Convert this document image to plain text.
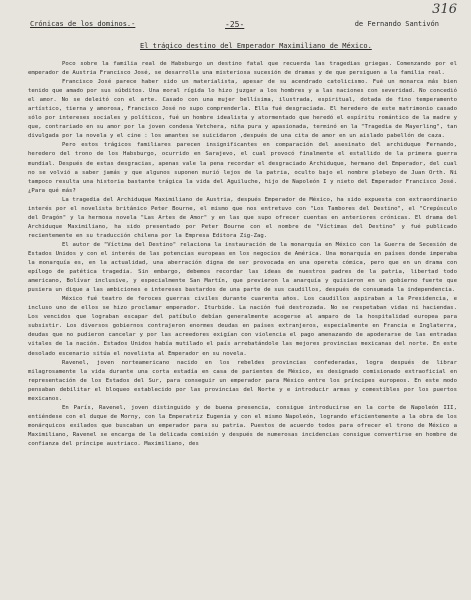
316
Crónicas de los dominos.-	-25-	de Fernando Santivón
El trágico destino del Emperador Maximiliano de México.

Poco sobre la familia real de Habsburgo un destino fatal que recuerda las tragedias griegas. Comenzando por el emperador de Austria Francisco José, se desarrolla una misteriosa sucesión de dramas y de que persiguen a la familia real.

Francisco José parece haber sido un materialista, apesar de su acendrado catolicismo. Fué un monarca más bien tenido que amado por sus súbditos. Una moral rígida lo hizo juzgar a los hombres y a las naciones con severidad. No concedió el amor. No se deleitó con el arte. Casado con una mujer bellísima, ilustrada, espiritual, dotada de fino temperamento artístico, tierna y amorosa, Francisco José no supo comprenderla. Ella fué desgraciada. El heredero de este matrimonio casado sólo por intereses sociales y políticos, fué un hombre idealista y atormentado que heredó el espíritu romántico de la madre y que, contrariado en su amor por la joven condesa Vetchera, niña pura y apasionada, terminó en la "Tragedia de Mayerling", tan divulgada por la novela y el cine : los amantes se suicidaron ,después de una cita de amor en un aislado pabellón de caza.

Pero estos trágicos familiares parecen insignificantes en comparación del asesinato del archiduque Fernando, heredero del trono de los Habsburgo, ocurrido en Sarajevo, el cual provocó finalmente el estallido de la primera guerra mundial. Después de estas desgracias, apenas vale la pena recordar el desgraciado Archiduque, hermano del Emperador, del cual no se volvió a saber jamás y que algunos suponen murió lejos de la patria, oculto bajo el nombre plebeyo de Juan Orth. Ni tampoco resulta una historia bastante trágica la vida del Aguiluche, hijo de Napoleón I y nieto del Emperador Francisco José. ¿Para qué más?

La tragedia del Archiduque Maximiliano de Austria, después Emperador de México, ha sido expuesta con extraordinario interés por el novelista británico Peter Bourne, el mismo que nos entretuvo con "Los Tambores del Destino", el "Crepúsculo del Dragón" y la hermosa novela "Las Artes de Amor" y en las que supo ofrecer cuentas en anteriores crónicas. El drama del Archiduque Maximiliano, ha sido presentado por Peter Bourne con el nombre de "Víctimas del Destino" y fué publicado recientemente en su traducción chilena por la Empresa Editora Zig-Zag.

El autor de "Víctima del Destino" relaciona la instauración de la monarquía en México con la Guerra de Secesión de Estados Unidos y con el interés de las potencias europeas en los negocios de América. Una monarquía en países donde imperaba la monarquía es, en la actualidad, una aberración digna de ser provocada en una opereta cómica, pero que en un drama con epílogo de patética tragedia. Sin embargo, debemos recordar las ideas de nuestros padres de la patria, libertad todo americano, Bolívar inclusive, y especialmente San Martín, que previeron la anarquía y quisieron en un gobierno fuerte que pusiera un dique a las ambiciones e intereses bastardos de una parte de sus caudillos, después de consumada la independencia.

México fué teatro de feroces guerras civiles durante cuarenta años. Los caudillos aspiraban a la Presidencia, e incluso uno de ellos se hizo proclamar emperador. Iturbide. La nación fué destrozada. No se respetaban vidas ni haciendas. Los vencidos que lograban escapar del patíbulo debían generalmente acogerse al amparo de la hospitalidad europea para subsistir. Los diversos gobiernos contrajeron enormes deudas en países extranjeros, especialmente en Francia e Inglaterra, deudas que no pudieron cancelar y por las acreedores exigían con violencia el pago amenazando de apoderarse de las entradas vitales de la nación. Estados Unidos había mutilado el país arrebatándole las mejores provincias mexicanas del norte. En este desolado escenario sitúa el novelista al Emperador en su novela.

Ravenel, joven norteamericano nacido en los rebeldes provincias confederadas, logra después de librar milagrosamente la vida durante una corta estadía en casa de parientes de México, es designado comisionado extraoficial en representación de los Estados del Sur, para conseguir un emperador para México entre los príncipes europeos. En este modo pensaban debilitar el bloqueo establecido por las provincias del Norte y e introducir armas y comestibles por los puertos mexicanos.

En París, Ravenel, joven distinguido y de buena presencia, consigue introducirse en la corte de Napoleón III, entiéndese con el duque de Morny, con la Emperatriz Eugenia y con el mismo Napoleón, logrando eficientemente a la obra de los monárquicos exilados que buscaban un emperador para su patria. Puestos de acuerdo todos para ofrecer el trono de México a Maximiliano, Ravenel se encarga de la delicada comisión y después de numerosas incidencias consigue convertirse en hombre de confianza del príncipe austriaco. Maximiliano, des
